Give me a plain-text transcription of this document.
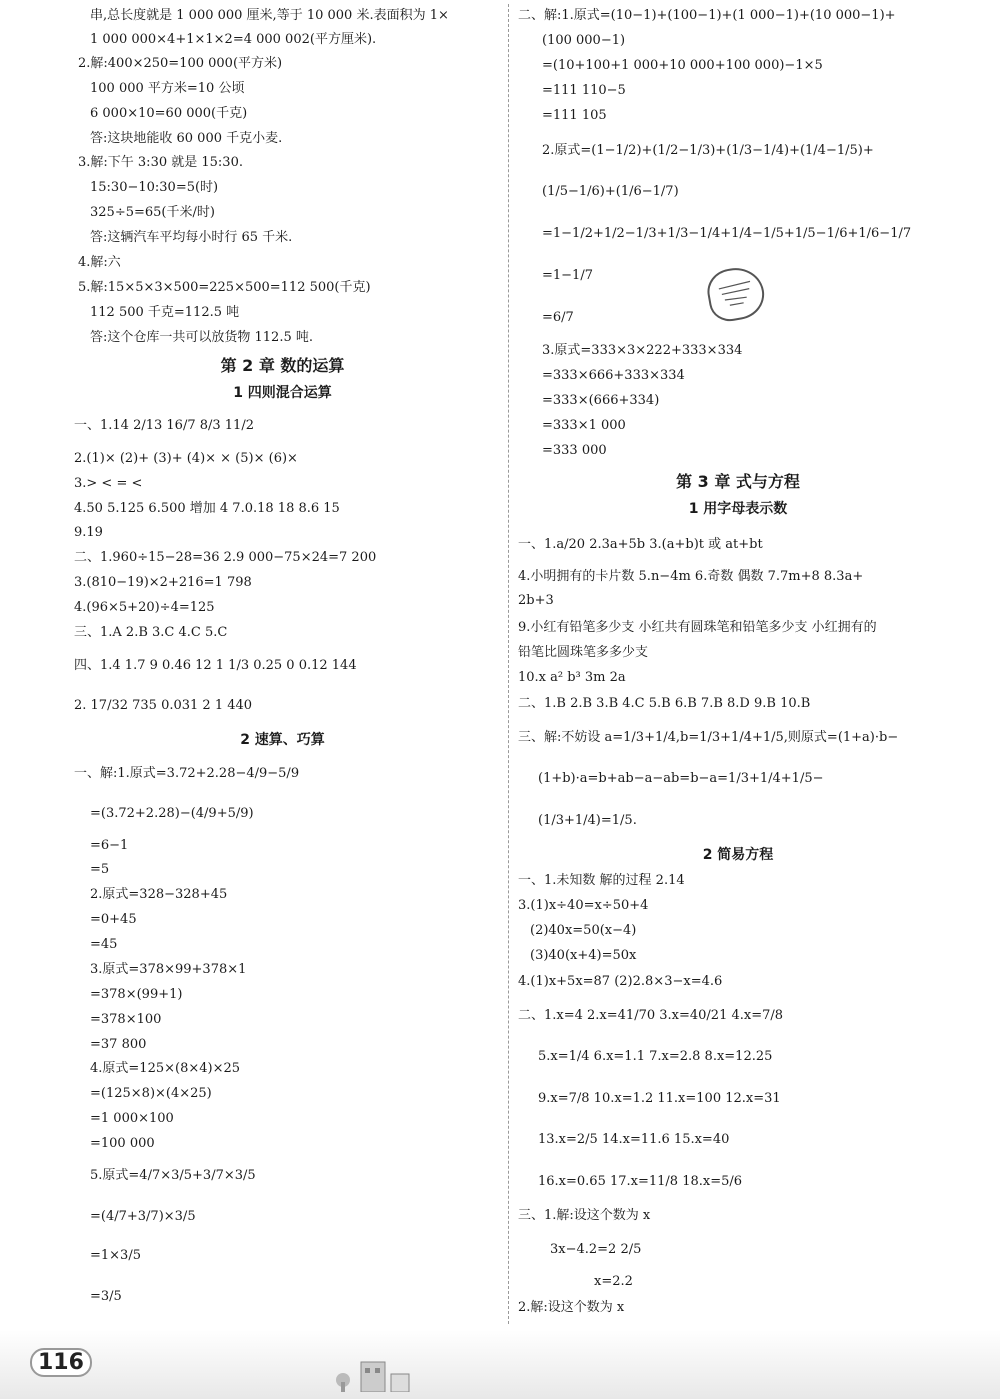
第 2 章 数的运算
1 四则混合运算
2 速算、巧算
串,总长度就是 1 000 000 厘米,等于 10 000 米.表面积为 1×
1 000 000×4+1×1×2=4 000 002(平方厘米).
2.解:400×250=100 000(平方米)
100 000 平方米=10 公顷
6 000×10=60 000(千克)
答:这块地能收 60 000 千克小麦.
3.解:下午 3:30 就是 15:30.
15:30−10:30=5(时)
325÷5=65(千米/时)
答:这辆汽车平均每小时行 65 千米.
4.解:六
5.解:15×5×3×500=225×500=112 500(千克)
112 500 千克=112.5 吨
答:这个仓库一共可以放货物 112.5 吨.
一、1.14 2/13 16/7 8/3 11/2
2.(1)× (2)+ (3)+ (4)× × (5)× (6)×
3.> < = <
4.50 5.125 6.500 增加 4 7.0.18 18 8.6 15
9.19
二、1.960÷15−28=36 2.9 000−75×24=7 200
3.(810−19)×2+216=1 798
4.(96×5+20)÷4=125
三、1.A 2.B 3.C 4.C 5.C
四、1.4 1.7 9 0.46 12 1 1/3 0.25 0 0.12 144
2. 17/32 735 0.031 2 1 440
一、解:1.原式=3.72+2.28−4/9−5/9
=(3.72+2.28)−(4/9+5/9)
=6−1
=5
2.原式=328−328+45
=0+45
=45
3.原式=378×99+378×1
=378×(99+1)
=378×100
=37 800
4.原式=125×(8×4)×25
=(125×8)×(4×25)
=1 000×100
=100 000
5.原式=4/7×3/5+3/7×3/5
=(4/7+3/7)×3/5
=1×3/5
=3/5
第 3 章 式与方程
1 用字母表示数
2 简易方程
二、解:1.原式=(10−1)+(100−1)+(1 000−1)+(10 000−1)+
(100 000−1)
=(10+100+1 000+10 000+100 000)−1×5
=111 110−5
=111 105
2.原式=(1−1/2)+(1/2−1/3)+(1/3−1/4)+(1/4−1/5)+
(1/5−1/6)+(1/6−1/7)
=1−1/2+1/2−1/3+1/3−1/4+1/4−1/5+1/5−1/6+1/6−1/7
=1−1/7
=6/7
3.原式=333×3×222+333×334
=333×666+333×334
=333×(666+334)
=333×1 000
=333 000
一、1.a/20 2.3a+5b 3.(a+b)t 或 at+bt
4.小明拥有的卡片数 5.n−4m 6.奇数 偶数 7.7m+8 8.3a+
2b+3
9.小红有铅笔多少支 小红共有圆珠笔和铅笔多少支 小红拥有的
铅笔比圆珠笔多多少支
10.x a² b³ 3m 2a
二、1.B 2.B 3.B 4.C 5.B 6.B 7.B 8.D 9.B 10.B
三、解:不妨设 a=1/3+1/4,b=1/3+1/4+1/5,则原式=(1+a)·b−
(1+b)·a=b+ab−a−ab=b−a=1/3+1/4+1/5−
(1/3+1/4)=1/5.
一、1.未知数 解的过程 2.14
3.(1)x÷40=x÷50+4
(2)40x=50(x−4)
(3)40(x+4)=50x
4.(1)x+5x=87 (2)2.8×3−x=4.6
二、1.x=4 2.x=41/70 3.x=40/21 4.x=7/8
5.x=1/4 6.x=1.1 7.x=2.8 8.x=12.25
9.x=7/8 10.x=1.2 11.x=100 12.x=31
13.x=2/5 14.x=11.6 15.x=40
16.x=0.65 17.x=11/8 18.x=5/6
三、1.解:设这个数为 x
3x−4.2=2 2/5
x=2.2
2.解:设这个数为 x
116
